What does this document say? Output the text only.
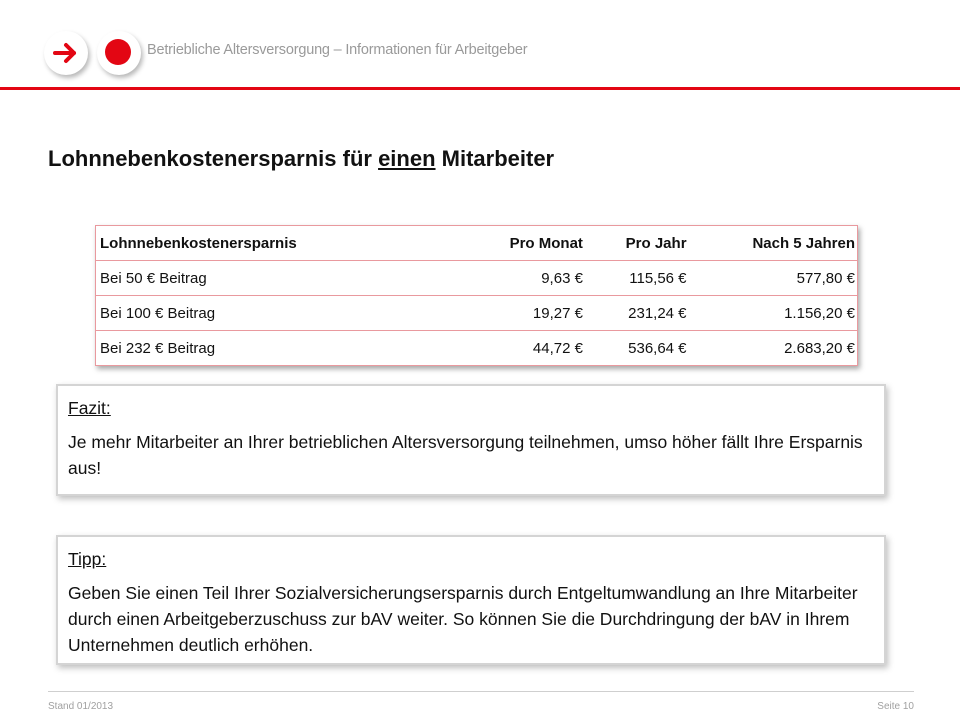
Betriebliche Altersversorgung – Informationen für Arbeitgeber
Lohnnebenkostenersparnis für einen Mitarbeiter
Lohnnebenkostenersparnis	Pro Monat	Pro Jahr	Nach 5 Jahren
Bei 50 € Beitrag	9,63 €	115,56 €	577,80 €
Bei 100 € Beitrag	19,27 €	231,24 €	1.156,20 €
Bei 232 € Beitrag	44,72 €	536,64 €	2.683,20 €
Fazit:
Je mehr Mitarbeiter an Ihrer betrieblichen Altersversorgung teilnehmen, umso höher fällt Ihre Ersparnis aus!
Tipp:
Geben Sie einen Teil Ihrer Sozialversicherungsersparnis durch Entgeltumwandlung an Ihre Mitarbeiter durch einen Arbeitgeberzuschuss zur bAV weiter. So können Sie die Durchdringung der bAV in Ihrem Unternehmen deutlich erhöhen.
Stand 01/2013	Seite 10
